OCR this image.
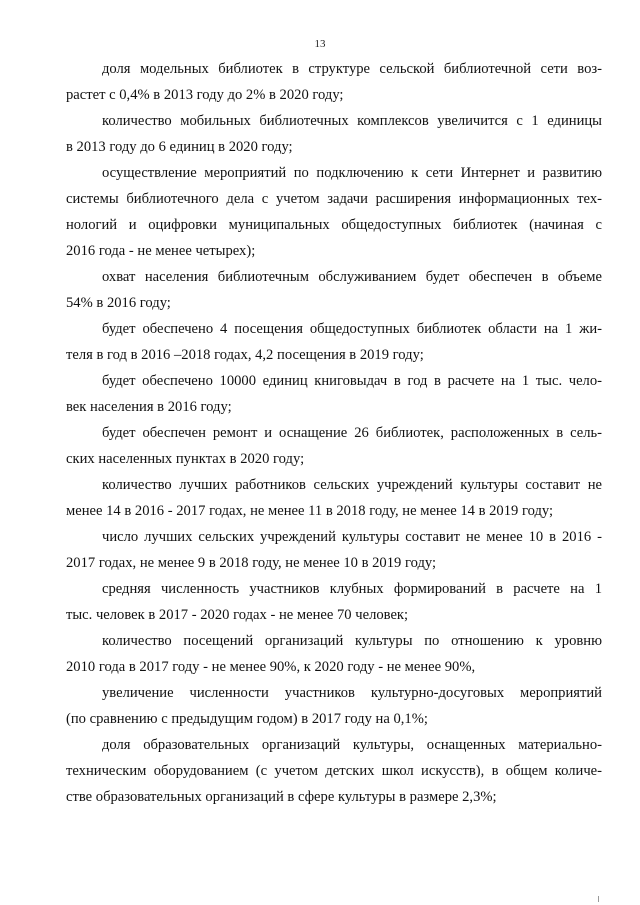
13
доля модельных библиотек в структуре сельской библиотечной сети воз-
растет с 0,4% в 2013 году до 2% в 2020 году;
количество мобильных библиотечных комплексов увеличится с 1 единицы
в 2013 году до 6 единиц в 2020 году;
осуществление мероприятий по подключению к сети Интернет и развитию
системы библиотечного дела с учетом задачи расширения информационных тех-
нологий и оцифровки муниципальных общедоступных библиотек (начиная с
2016 года - не менее четырех);
охват населения библиотечным обслуживанием будет обеспечен в объеме
54% в 2016 году;
будет обеспечено 4 посещения общедоступных библиотек области на 1 жи-
теля в год в 2016 –2018 годах, 4,2 посещения в 2019 году;
будет обеспечено 10000 единиц книговыдач в год в расчете на 1 тыс. чело-
век населения в 2016 году;
будет обеспечен ремонт и оснащение 26 библиотек, расположенных в сель-
ских населенных пунктах в 2020 году;
количество лучших работников сельских учреждений культуры составит не
менее 14 в 2016 - 2017 годах, не менее 11 в 2018 году, не менее 14 в 2019 году;
число лучших сельских учреждений культуры составит не менее 10 в 2016 -
2017 годах, не менее 9 в 2018 году, не менее 10 в 2019 году;
средняя численность участников клубных формирований в расчете на 1
тыс. человек в 2017 - 2020 годах - не менее 70 человек;
количество посещений организаций культуры по отношению к уровню
2010 года в 2017 году - не менее 90%, к 2020 году - не менее 90%,
увеличение численности участников культурно-досуговых мероприятий
(по сравнению с предыдущим годом) в 2017 году на 0,1%;
доля образовательных организаций культуры, оснащенных материально-
техническим оборудованием (с учетом детских школ искусств), в общем количе-
стве образовательных организаций в сфере культуры в размере 2,3%;
